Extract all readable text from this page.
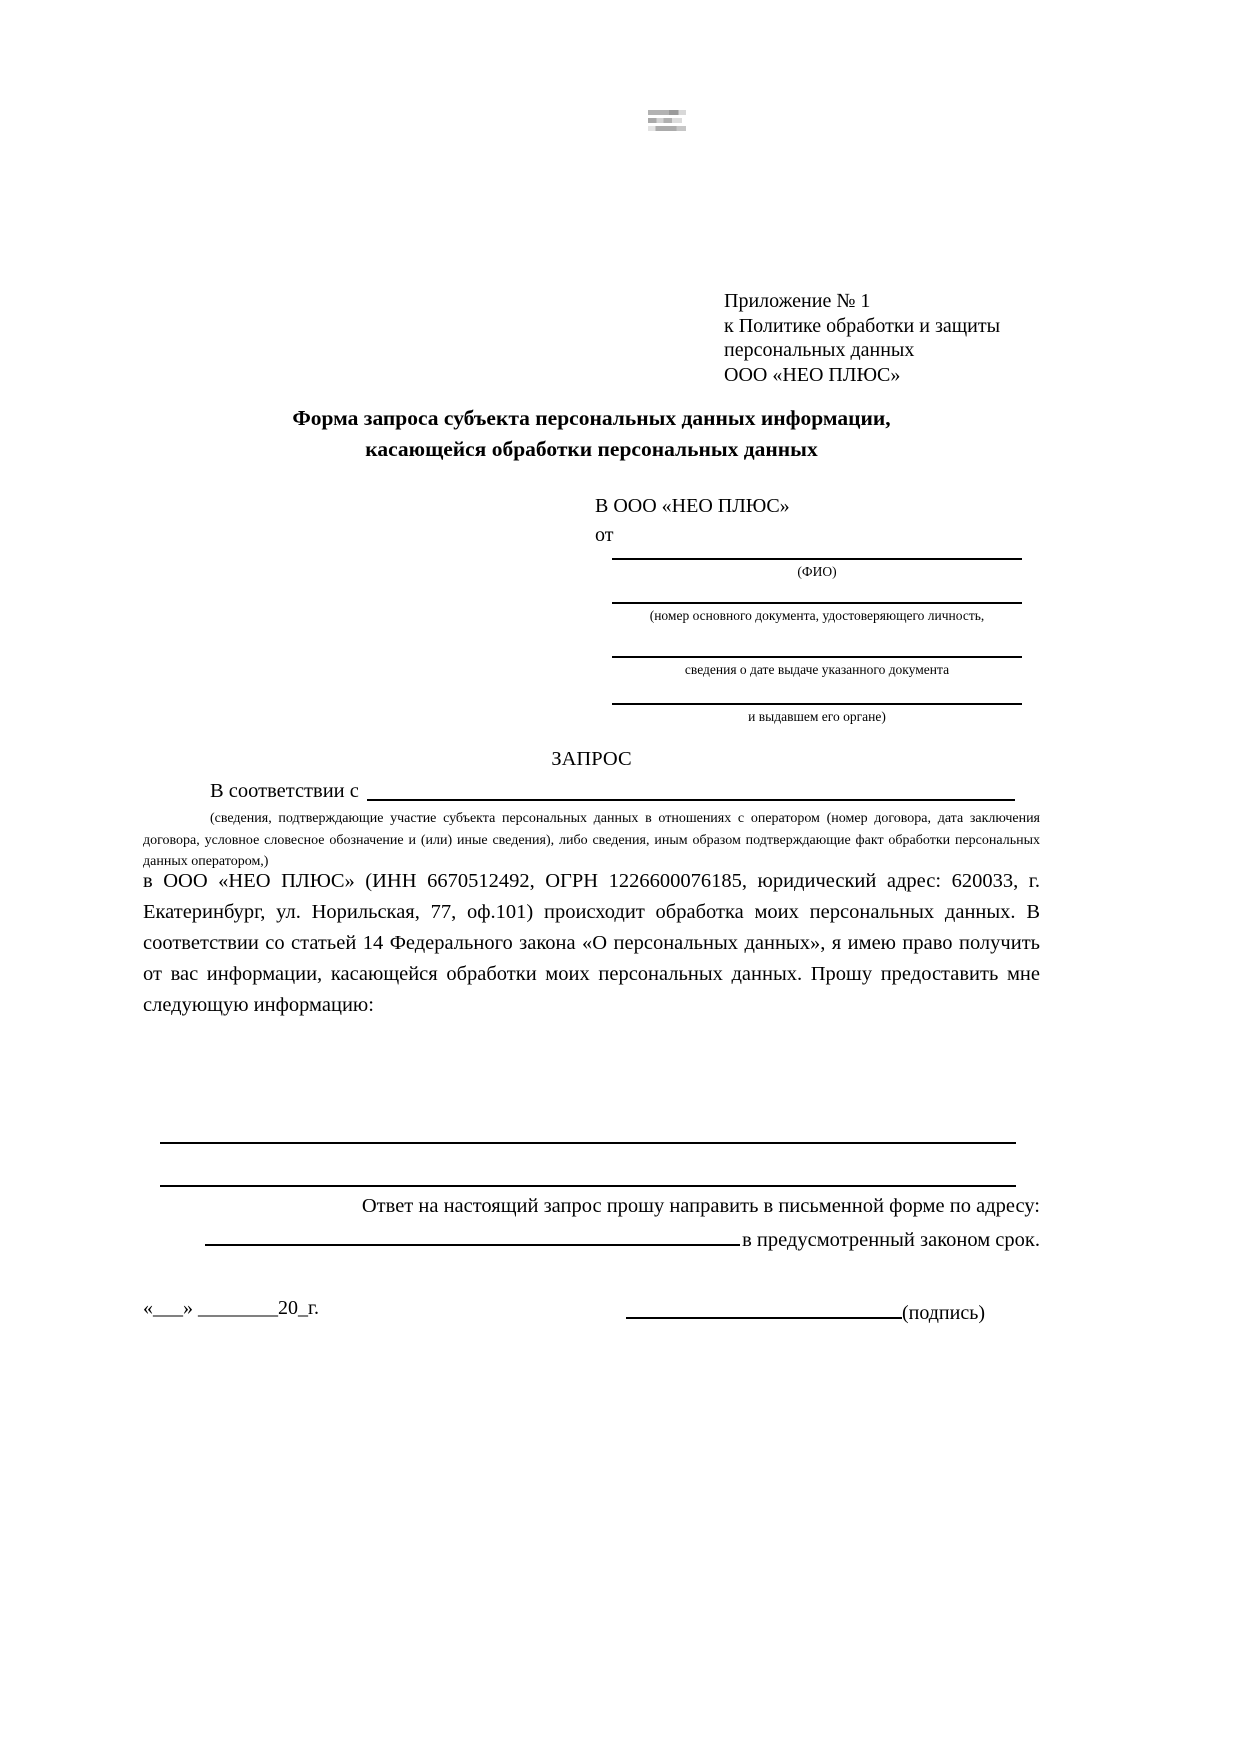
Приложение № 1
к Политике обработки и защиты
персональных данных
ООО «НЕО ПЛЮС»
Форма запроса субъекта персональных данных информации,
касающейся обработки персональных данных
В ООО «НЕО ПЛЮС»
от
(ФИО)
(номер основного документа, удостоверяющего личность,
сведения о дате выдаче указанного документа
и выдавшем его органе)
ЗАПРОС
В соответствии с
(сведения, подтверждающие участие субъекта персональных данных в отношениях с оператором (номер договора, дата заключения договора, условное словесное обозначение и (или) иные сведения), либо сведения, иным образом подтверждающие факт обработки персональных данных оператором,)
в ООО «НЕО ПЛЮС» (ИНН 6670512492, ОГРН 1226600076185, юридический адрес: 620033, г. Екатеринбург, ул. Норильская, 77, оф.101) происходит обработка моих персональных данных. В соответствии со статьей 14 Федерального закона «О персональных данных», я имею право получить от вас информации, касающейся обработки моих персональных данных. Прошу предоставить мне следующую информацию:
Ответ на настоящий запрос прошу направить в письменной форме по адресу:
в предусмотренный законом срок.
«___» ________20_г.	(подпись)
